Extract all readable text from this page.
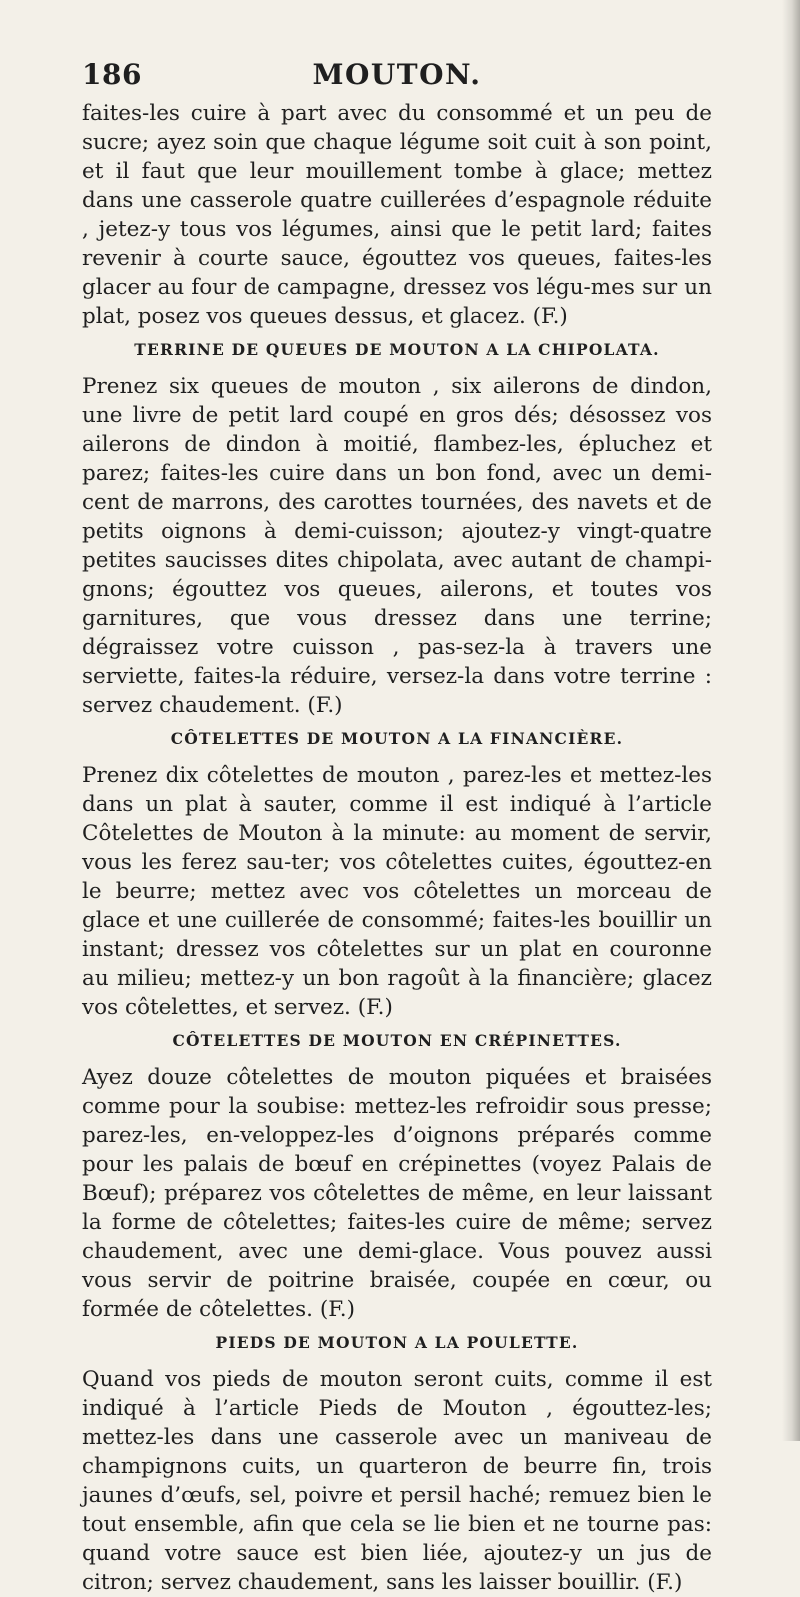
186	MOUTON.

faites-les cuire à part avec du consommé et un peu de sucre; ayez soin que chaque légume soit cuit à son point, et il faut que leur mouillement tombe à glace; mettez dans une casserole quatre cuillerées d’espagnole réduite , jetez-y tous vos légumes, ainsi que le petit lard; faites revenir à courte sauce, égouttez vos queues, faites-les glacer au four de campagne, dressez vos légu-mes sur un plat, posez vos queues dessus, et glacez. (F.)

TERRINE DE QUEUES DE MOUTON A LA CHIPOLATA.

Prenez six queues de mouton , six ailerons de dindon, une livre de petit lard coupé en gros dés; désossez vos ailerons de dindon à moitié, flambez-les, épluchez et parez; faites-les cuire dans un bon fond, avec un demi-cent de marrons, des carottes tournées, des navets et de petits oignons à demi-cuisson; ajoutez-y vingt-quatre petites saucisses dites chipolata, avec autant de champi-gnons; égouttez vos queues, ailerons, et toutes vos garnitures, que vous dressez dans une terrine; dégraissez votre cuisson , pas-sez-la à travers une serviette, faites-la réduire, versez-la dans votre terrine : servez chaudement. (F.)

CÔTELETTES DE MOUTON A LA FINANCIÈRE.

Prenez dix côtelettes de mouton , parez-les et mettez-les dans un plat à sauter, comme il est indiqué à l’article Côtelettes de Mouton à la minute: au moment de servir, vous les ferez sau-ter; vos côtelettes cuites, égouttez-en le beurre; mettez avec vos côtelettes un morceau de glace et une cuillerée de consommé; faites-les bouillir un instant; dressez vos côtelettes sur un plat en couronne au milieu; mettez-y un bon ragoût à la financière; glacez vos côtelettes, et servez. (F.)

CÔTELETTES DE MOUTON EN CRÉPINETTES.

Ayez douze côtelettes de mouton piquées et braisées comme pour la soubise: mettez-les refroidir sous presse; parez-les, en-veloppez-les d’oignons préparés comme pour les palais de bœuf en crépinettes (voyez Palais de Bœuf); préparez vos côtelettes de même, en leur laissant la forme de côtelettes; faites-les cuire de même; servez chaudement, avec une demi-glace. Vous pouvez aussi vous servir de poitrine braisée, coupée en cœur, ou formée de côtelettes. (F.)

PIEDS DE MOUTON A LA POULETTE.

Quand vos pieds de mouton seront cuits, comme il est indiqué à l’article Pieds de Mouton , égouttez-les; mettez-les dans une casserole avec un maniveau de champignons cuits, un quarteron de beurre fin, trois jaunes d’œufs, sel, poivre et persil haché; remuez bien le tout ensemble, afin que cela se lie bien et ne tourne pas: quand votre sauce est bien liée, ajoutez-y un jus de citron; servez chaudement, sans les laisser bouillir. (F.)
